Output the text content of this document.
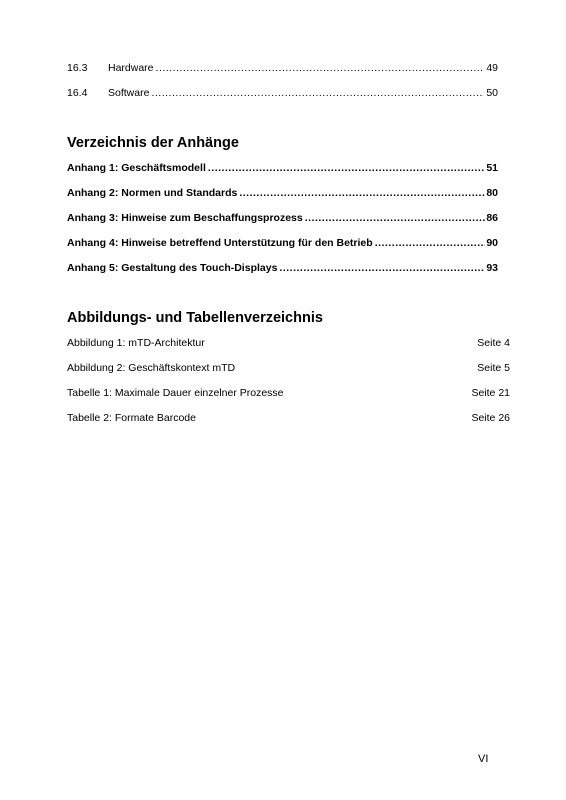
16.3	Hardware .....	49
16.4	Software .....	50
Verzeichnis der Anhänge
Anhang 1: Geschäftsmodell .....	51
Anhang 2: Normen und Standards .....	80
Anhang 3: Hinweise zum Beschaffungsprozess .....	86
Anhang 4: Hinweise betreffend Unterstützung für den Betrieb .....	90
Anhang 5: Gestaltung des Touch-Displays .....	93
Abbildungs- und Tabellenverzeichnis
Abbildung 1: mTD-Architektur	Seite 4
Abbildung 2: Geschäftskontext mTD	Seite 5
Tabelle 1: Maximale Dauer einzelner Prozesse	Seite 21
Tabelle 2: Formate Barcode	Seite 26
VI
